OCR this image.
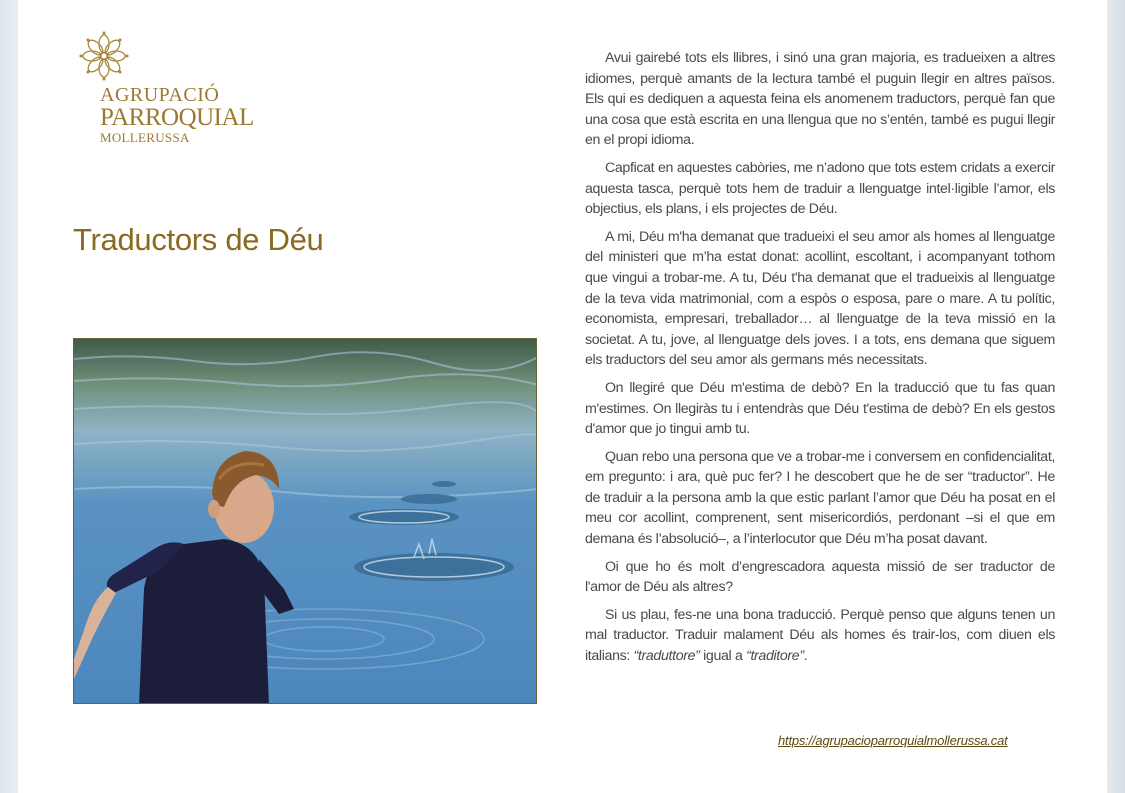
AGRUPACIÓ
PARROQUIAL
MOLLERUSSA
Traductors de Déu

Avui gairebé tots els llibres, i sinó una gran majoria, es tradueixen a altres idiomes, perquè amants de la lectura també el puguin llegir en altres països. Els qui es dediquen a aquesta feina els anomenem traductors, perquè fan que una cosa que està escrita en una llengua que no s’entén, també es pugui llegir en el propi idioma.

Capficat en aquestes cabòries, me n’adono que tots estem cridats a exercir aquesta tasca, perquè tots hem de traduir a llenguatge intel·ligible l’amor, els objectius, els plans, i els projectes de Déu.

A mi, Déu m'ha demanat que tradueixi el seu amor als homes al llenguatge del ministeri que m’ha estat donat: acollint, escoltant, i acompanyant tothom que vingui a trobar-me. A tu, Déu t'ha demanat que el tradueixis al llenguatge de la teva vida matrimonial, com a espòs o esposa, pare o mare. A tu polític, economista, empresari, treballador… al llenguatge de la teva missió en la societat. A tu, jove, al llenguatge dels joves. I a tots, ens demana que siguem els traductors del seu amor als germans més necessitats.

On llegiré que Déu m'estima de debò? En la traducció que tu fas quan m'estimes. On llegiràs tu i entendràs que Déu t'estima de debò? En els gestos d'amor que jo tingui amb tu.

Quan rebo una persona que ve a trobar-me i conversem en confidencialitat, em pregunto: i ara, què puc fer? I he descobert que he de ser “traductor”. He de traduir a la persona amb la que estic parlant l’amor que Déu ha posat en el meu cor acollint, comprenent, sent misericordiós, perdonant –si el que em demana és l’absolució–, a l’interlocutor que Déu m’ha posat davant.

Oi que ho és molt d’engrescadora aquesta missió de ser traductor de l'amor de Déu als altres?

Si us plau, fes-ne una bona traducció. Perquè penso que alguns tenen un mal traductor. Traduir malament Déu als homes és trair-los, com diuen els italians: “traduttore” igual a “traditore”.

https://agrupacioparroquialmollerussa.cat
